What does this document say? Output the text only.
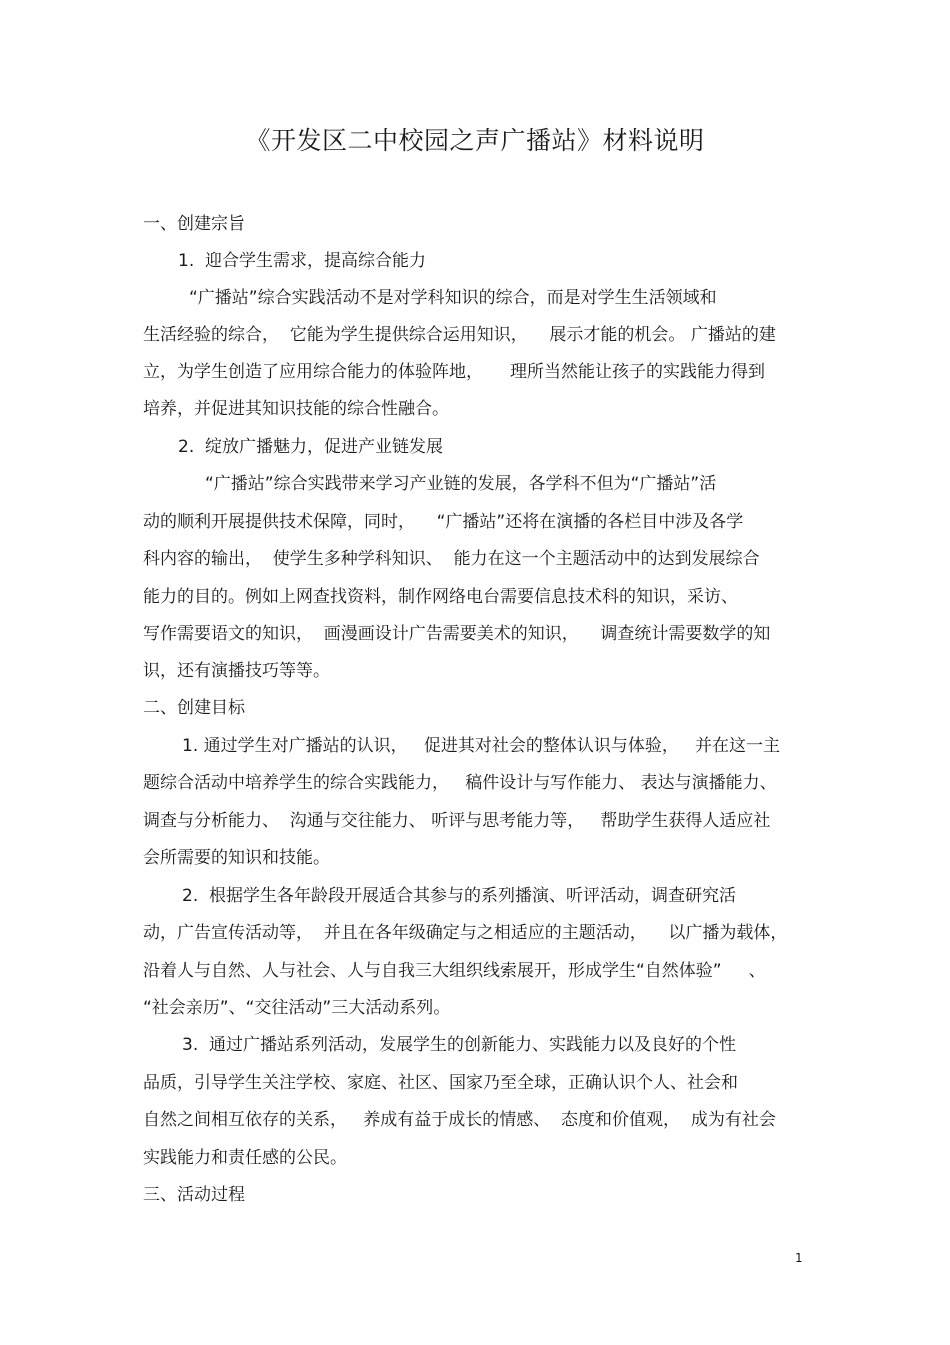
《开发区二中校园之声广播站》材料说明
一、创建宗旨
1.  迎合学生需求，提高综合能力
“广播站”综合实践活动不是对学科知识的综合，而是对学生生活领域和
生活经验的综合，  它能为学生提供综合运用知识，    展示才能的机会。 广播站的建
立，为学生创造了应用综合能力的体验阵地，     理所当然能让孩子的实践能力得到
培养，并促进其知识技能的综合性融合。
2.  绽放广播魅力，促进产业链发展
“广播站”综合实践带来学习产业链的发展，各学科不但为“广播站”活
动的顺利开展提供技术保障，同时，    “广播站”还将在演播的各栏目中涉及各学
科内容的输出，  使学生多种学科知识、  能力在这一个主题活动中的达到发展综合
能力的目的。例如上网查找资料，制作网络电台需要信息技术科的知识，采访、
写作需要语文的知识，  画漫画设计广告需要美术的知识，    调查统计需要数学的知
识，还有演播技巧等等。
二、创建目标
1. 通过学生对广播站的认识，   促进其对社会的整体认识与体验，   并在这一主
题综合活动中培养学生的综合实践能力，   稿件设计与写作能力、 表达与演播能力、
调查与分析能力、  沟通与交往能力、 听评与思考能力等，   帮助学生获得人适应社
会所需要的知识和技能。
2.  根据学生各年龄段开展适合其参与的系列播演、听评活动，调查研究活
动，广告宣传活动等，  并且在各年级确定与之相适应的主题活动，    以广播为载体，
沿着人与自然、人与社会、人与自我三大组织线索展开，形成学生“自然体验”     、
“社会亲历”、“交往活动”三大活动系列。
3.  通过广播站系列活动，发展学生的创新能力、实践能力以及良好的个性
品质，引导学生关注学校、家庭、社区、国家乃至全球，正确认识个人、社会和
自然之间相互依存的关系，   养成有益于成长的情感、  态度和价值观，  成为有社会
实践能力和责任感的公民。
三、活动过程
1
